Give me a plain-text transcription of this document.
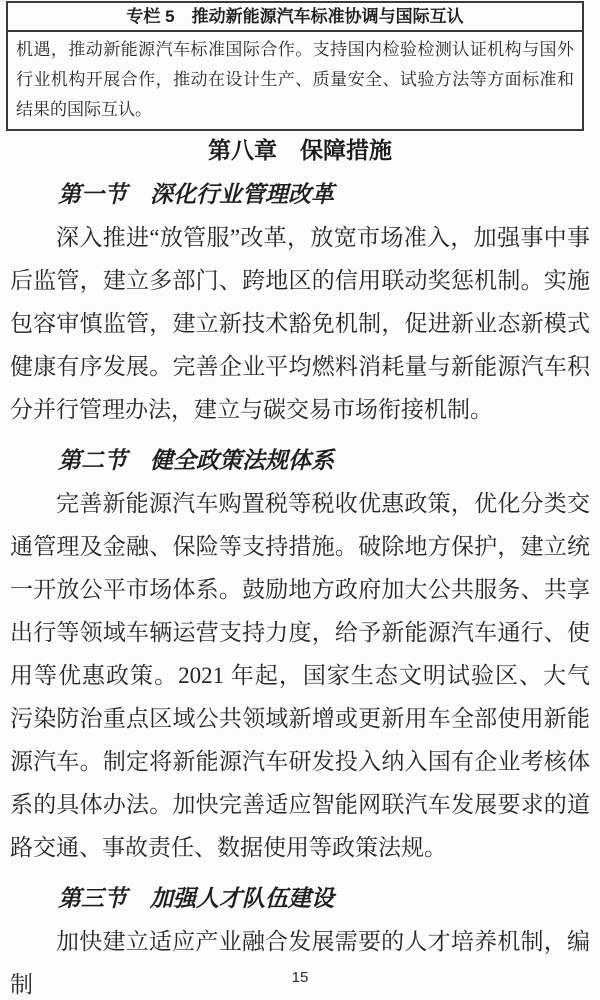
专栏 5　推动新能源汽车标准协调与国际互认
机遇，推动新能源汽车标准国际合作。支持国内检验检测认证机构与国外行业机构开展合作，推动在设计生产、质量安全、试验方法等方面标准和结果的国际互认。
第八章　保障措施
第一节　深化行业管理改革

深入推进“放管服”改革，放宽市场准入，加强事中事后监管，建立多部门、跨地区的信用联动奖惩机制。实施包容审慎监管，建立新技术豁免机制，促进新业态新模式健康有序发展。完善企业平均燃料消耗量与新能源汽车积分并行管理办法，建立与碳交易市场衔接机制。

第二节　健全政策法规体系

完善新能源汽车购置税等税收优惠政策，优化分类交通管理及金融、保险等支持措施。破除地方保护，建立统一开放公平市场体系。鼓励地方政府加大公共服务、共享出行等领域车辆运营支持力度，给予新能源汽车通行、使用等优惠政策。2021 年起，国家生态文明试验区、大气污染防治重点区域公共领域新增或更新用车全部使用新能源汽车。制定将新能源汽车研发投入纳入国有企业考核体系的具体办法。加快完善适应智能网联汽车发展要求的道路交通、事故责任、数据使用等政策法规。

第三节　加强人才队伍建设

加快建立适应产业融合发展需要的人才培养机制，编制	15
